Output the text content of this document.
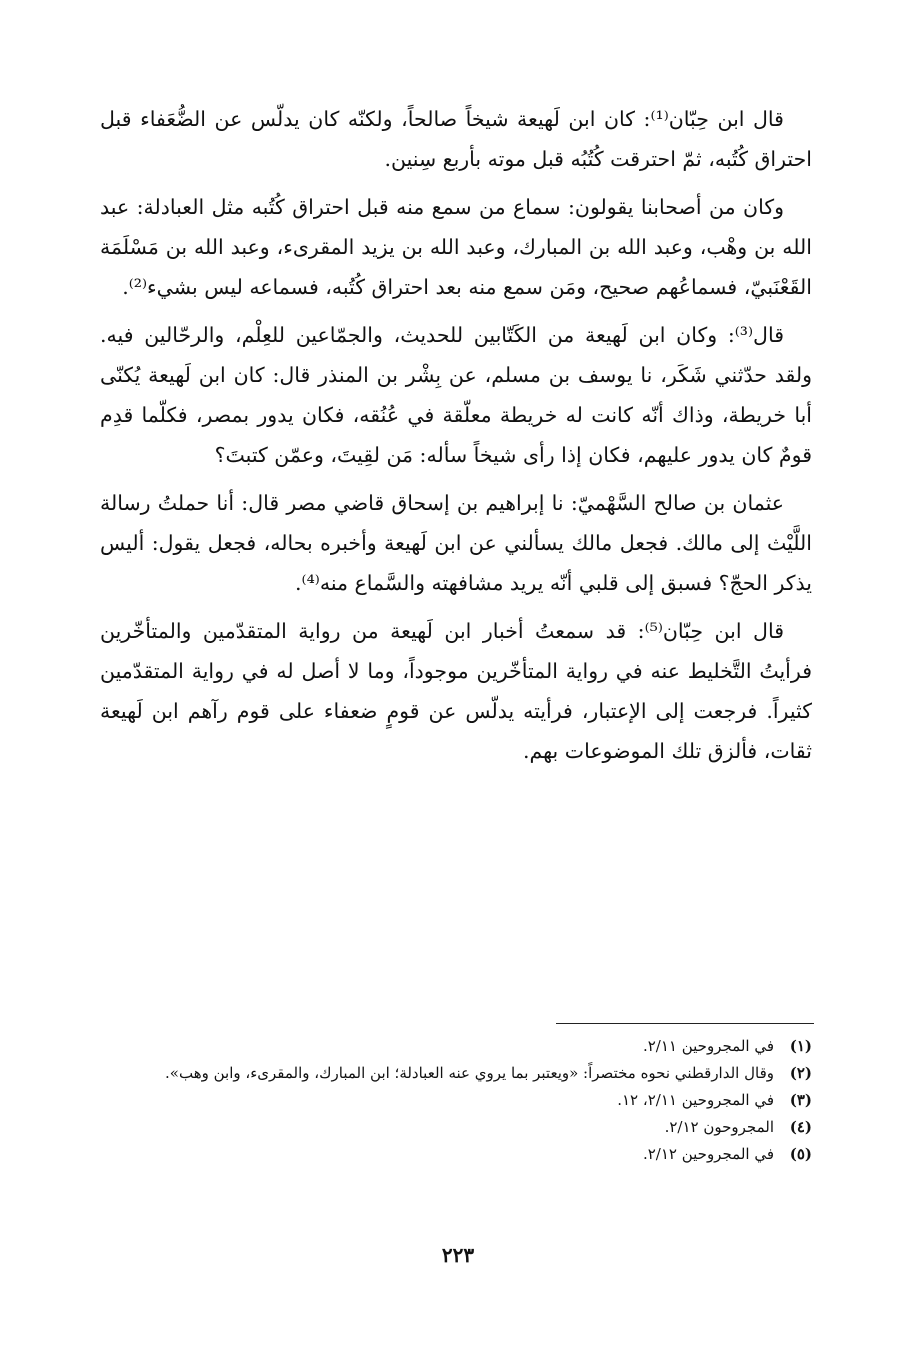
قال ابن حِبّان⁽¹⁾: كان ابن لَهيعة شيخاً صالحاً، ولكنّه كان يدلّس عن الضُّعَفاء قبل احتراق كُتُبه، ثمّ احترقت كُتُبُه قبل موته بأربع سِنين.

وكان من أصحابنا يقولون: سماع من سمع منه قبل احتراق كُتُبه مثل العبادلة: عبد الله بن وهْب، وعبد الله بن المبارك، وعبد الله بن يزيد المقرىء، وعبد الله بن مَسْلَمَة القَعْنَبيّ، فسماعُهم صحيح، ومَن سمع منه بعد احتراق كُتُبه، فسماعه ليس بشيء⁽²⁾.

قال⁽³⁾: وكان ابن لَهيعة من الكَتّابين للحديث، والجمّاعين للعِلْم، والرحّالين فيه. ولقد حدّثني شَكَر، نا يوسف بن مسلم، عن بِشْر بن المنذر قال: كان ابن لَهيعة يُكنّى أبا خريطة، وذاك أنّه كانت له خريطة معلّقة في عُنُقه، فكان يدور بمصر، فكلّما قدِم قومٌ كان يدور عليهم، فكان إذا رأى شيخاً سأله: مَن لقِيتَ، وعمّن كتبتَ؟

عثمان بن صالح السَّهْميّ: نا إبراهيم بن إسحاق قاضي مصر قال: أنا حملتُ رسالة اللَّيْث إلى مالك. فجعل مالك يسألني عن ابن لَهيعة وأخبره بحاله، فجعل يقول: أليس يذكر الحجّ؟ فسبق إلى قلبي أنّه يريد مشافهته والسَّماع منه⁽⁴⁾.

قال ابن حِبّان⁽⁵⁾: قد سمعتُ أخبار ابن لَهيعة من رواية المتقدّمين والمتأخّرين فرأيتُ التَّخليط عنه في رواية المتأخّرين موجوداً، وما لا أصل له في رواية المتقدّمين كثيراً. فرجعت إلى الإعتبار، فرأيته يدلّس عن قومٍ ضعفاء على قوم رآهم ابن لَهيعة ثقات، فألزق تلك الموضوعات بهم.

(١)
في المجروحين ٢/١١.
(٢)
وقال الدارقطني نحوه مختصراً: «ويعتبر بما يروي عنه العبادلة؛ ابن المبارك، والمقرىء، وابن وهب».
(٣)
في المجروحين ٢/١١، ١٢.
(٤)
المجروحون ٢/١٢.
(٥)
في المجروحين ٢/١٢.
٢٢٣
